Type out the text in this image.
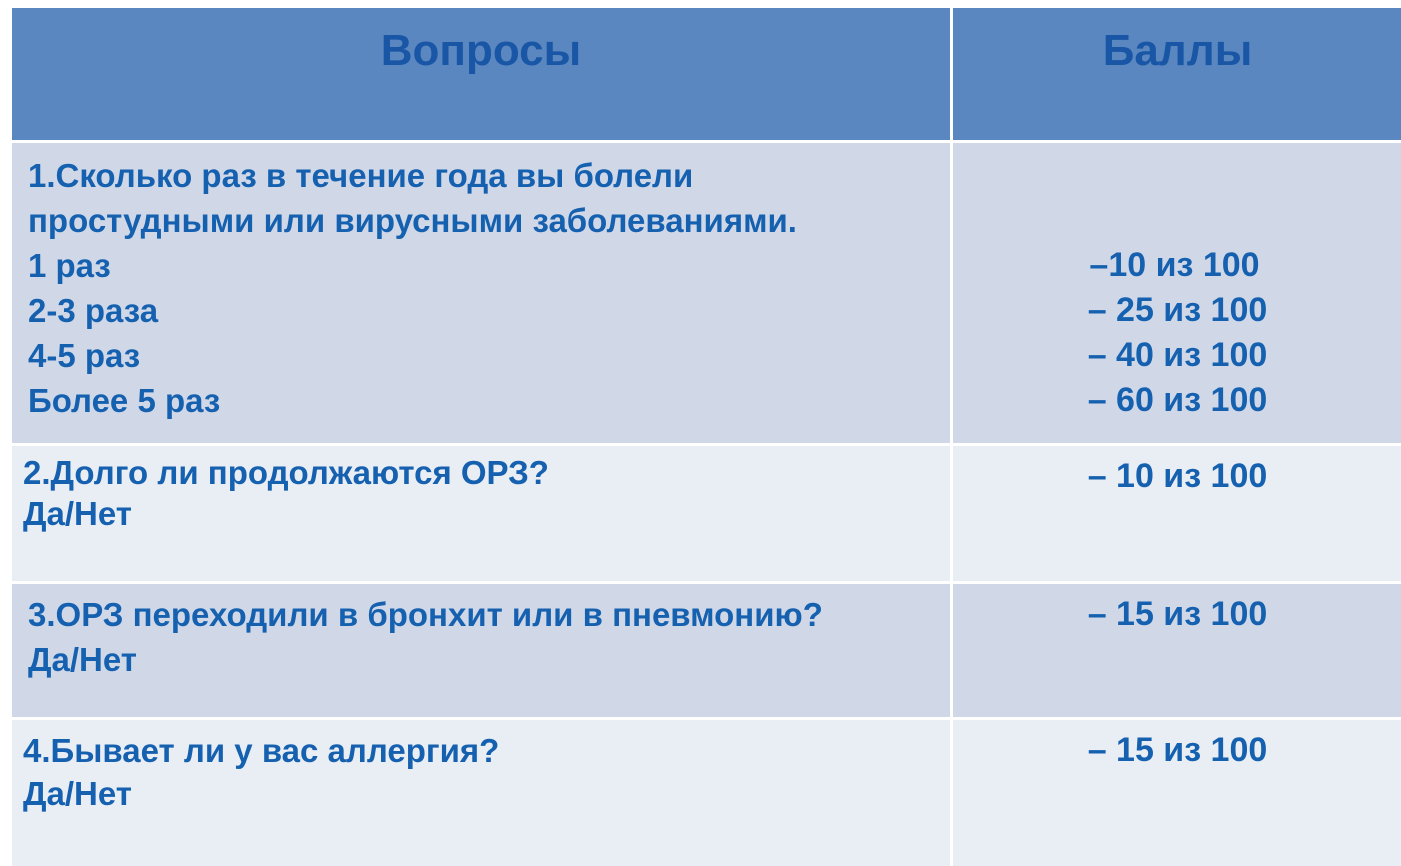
Вопросы	Баллы
1.Сколько раз в течение года вы болели
простудными или вирусными заболеваниями.
1 раз
2-3 раза
4-5 раз
Более 5 раз
–10 из 100
– 25 из 100
– 40 из 100
– 60 из 100
2.Долго ли продолжаются ОРЗ?
Да/Нет
– 10 из 100
3.ОРЗ переходили в бронхит или в пневмонию?
Да/Нет
– 15 из 100
4.Бывает ли у вас аллергия?
Да/Нет
– 15 из 100
